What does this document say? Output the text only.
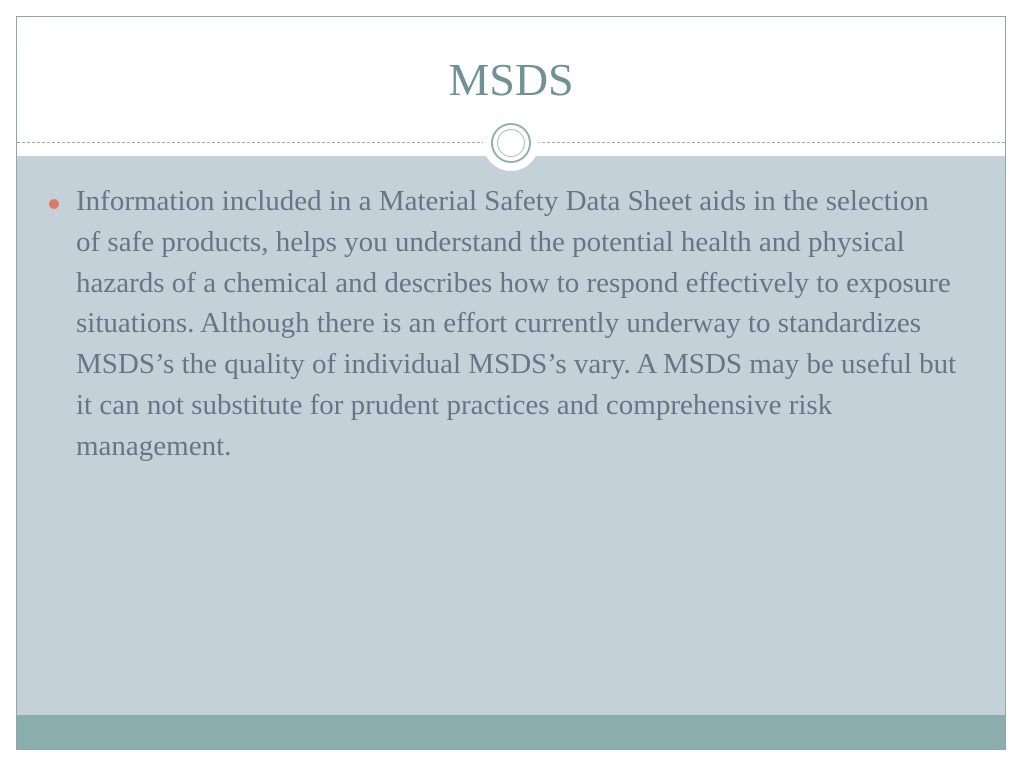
MSDS

Information included in a Material Safety Data Sheet aids in the selection of safe products, helps you understand the potential health and physical hazards of a chemical and describes how to respond effectively to exposure situations. Although there is an effort currently underway to standardizes MSDS’s the quality of individual MSDS’s vary. A MSDS may be useful but it can not substitute for prudent practices and comprehensive risk management.
